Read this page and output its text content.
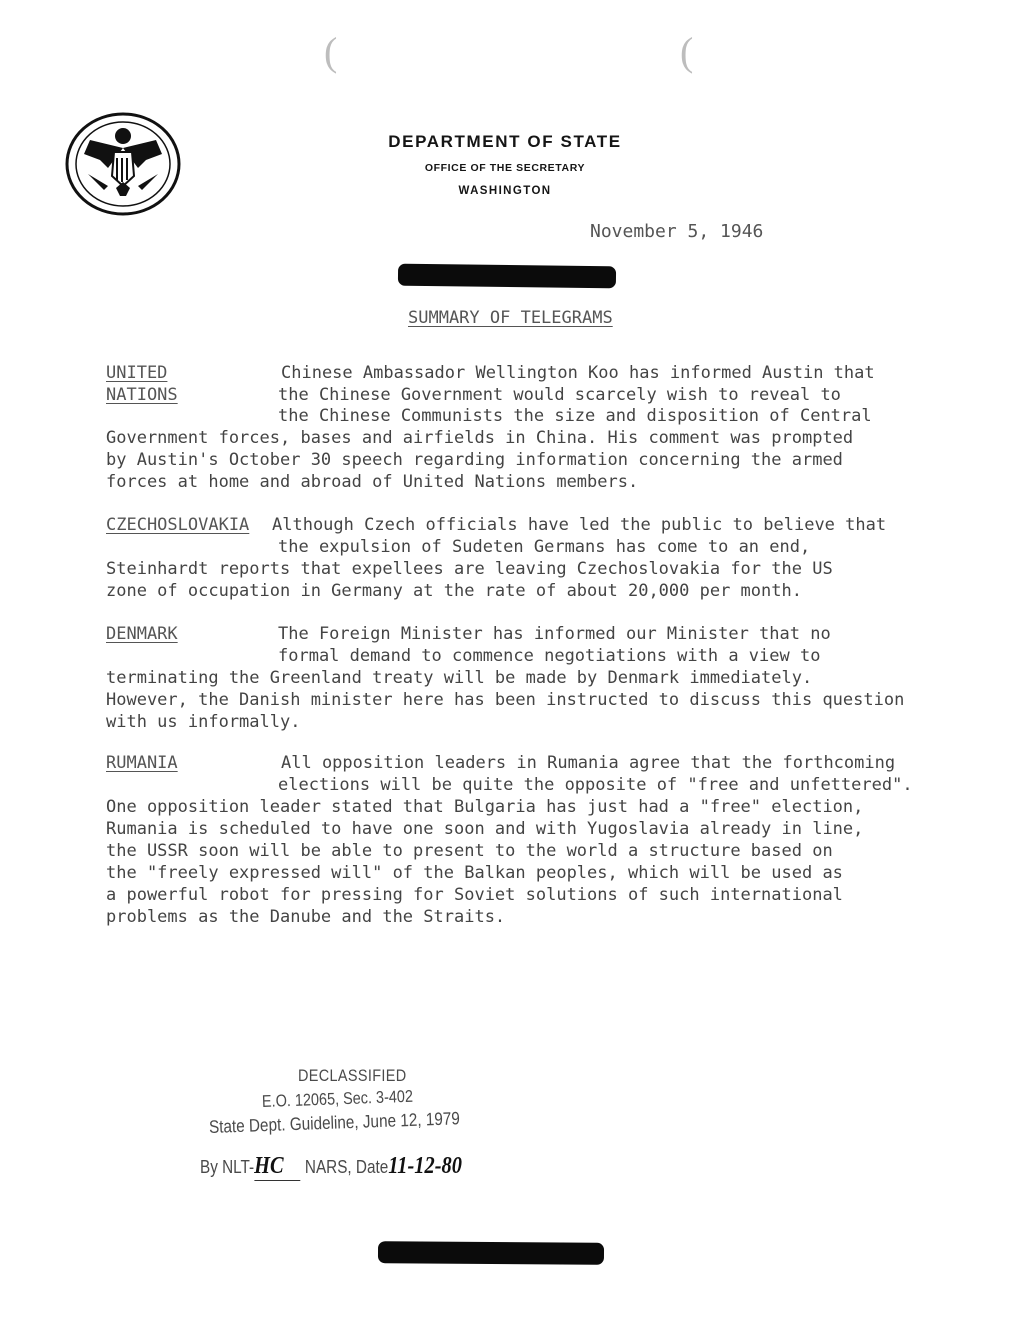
(	(
DEPARTMENT OF STATE
OFFICE OF THE SECRETARY
WASHINGTON
November 5, 1946
SUMMARY OF TELEGRAMS
UNITED
NATIONS
Chinese Ambassador Wellington Koo has informed Austin that
the Chinese Government would scarcely wish to reveal to
the Chinese Communists the size and disposition of Central
Government forces, bases and airfields in China. His comment was prompted
by Austin's October 30 speech regarding information concerning the armed
forces at home and abroad of United Nations members.
CZECHOSLOVAKIA Although Czech officials have led the public to believe that
the expulsion of Sudeten Germans has come to an end,
Steinhardt reports that expellees are leaving Czechoslovakia for the US
zone of occupation in Germany at the rate of about 20,000 per month.
DENMARK	The Foreign Minister has informed our Minister that no
formal demand to commence negotiations with a view to
terminating the Greenland treaty will be made by Denmark immediately.
However, the Danish minister here has been instructed to discuss this question
with us informally.
RUMANIA	All opposition leaders in Rumania agree that the forthcoming
elections will be quite the opposite of "free and unfettered".
One opposition leader stated that Bulgaria has just had a "free" election,
Rumania is scheduled to have one soon and with Yugoslavia already in line,
the USSR soon will be able to present to the world a structure based on
the "freely expressed will" of the Balkan peoples, which will be used as
a powerful robot for pressing for Soviet solutions of such international
problems as the Danube and the Straits.
DECLASSIFIED
E.O. 12065, Sec. 3-402
State Dept. Guideline, June 12, 1979
By NLT-HC NARS, Date11-12-80
